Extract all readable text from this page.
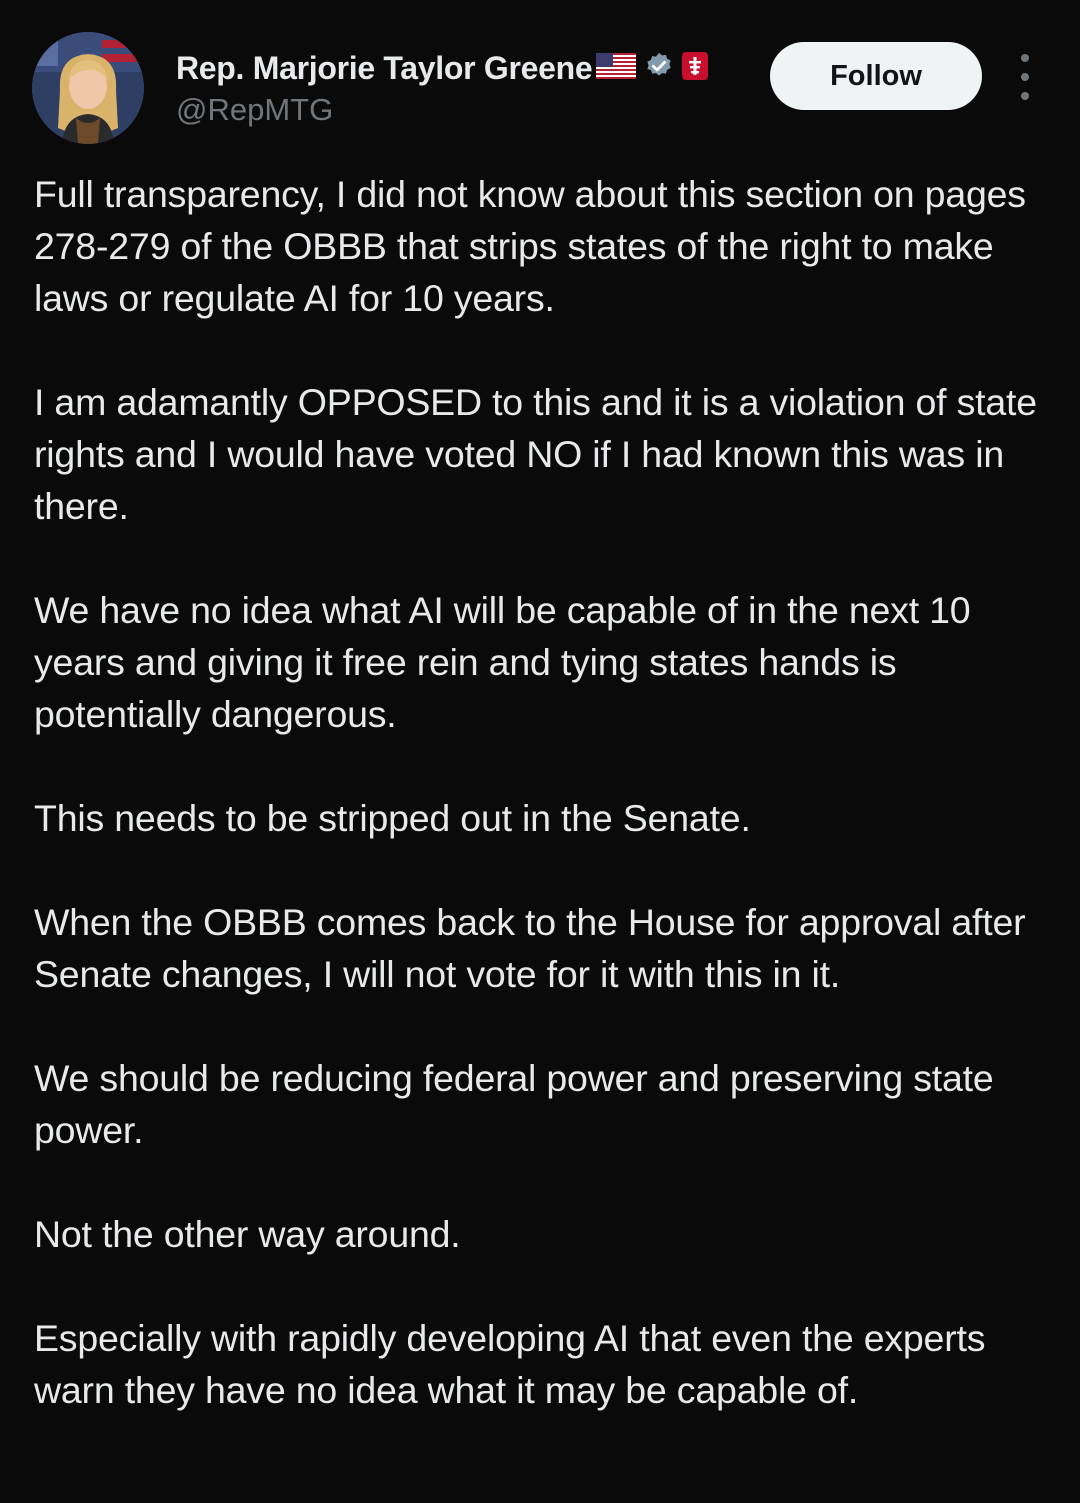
Rep. Marjorie Taylor Greene
@RepMTG
Follow

Full transparency, I did not know about this section on pages 278-279 of the OBBB that strips states of the right to make laws or regulate AI for 10 years.

I am adamantly OPPOSED to this and it is a violation of state rights and I would have voted NO if I had known this was in there.

We have no idea what AI will be capable of in the next 10 years and giving it free rein and tying states hands is potentially dangerous.

This needs to be stripped out in the Senate.

When the OBBB comes back to the House for approval after Senate changes, I will not vote for it with this in it.

We should be reducing federal power and preserving state power.

Not the other way around.

Especially with rapidly developing AI that even the experts warn they have no idea what it may be capable of.
